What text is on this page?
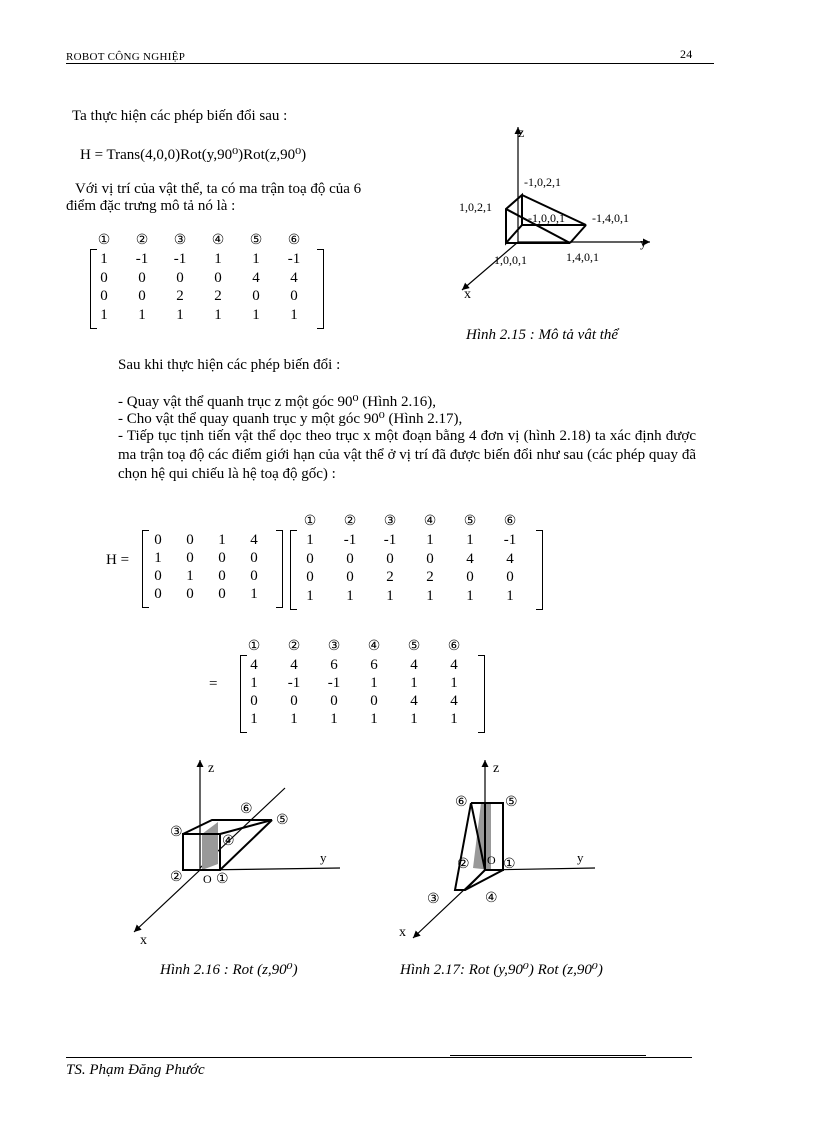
ROBOT CÔNG NGHIỆP	24
Ta thực hiện các phép biến đổi sau :
H = Trans(4,0,0)Rot(y,90⁰)Rot(z,90⁰)
Với vị trí của vật thể, ta có ma trận toạ độ của 6
điểm đặc trưng mô tả nó là :
① ② ③ ④ ⑤ ⑥
1	-1 -1	1	1	-1
0	0	0	0	4	4
0	0	2	2	0	0
1	1	1	1	1	1
z
y
x
-1,0,2,1
1,0,2,1
-1,0,0,1 -1,4,0,1
1,0,0,1	1,4,0,1
Hình 2.15 : Mô tả vât thể
Sau khi thực hiện các phép biến đổi :
- Quay vật thể quanh trục z một góc 90⁰ (Hình 2.16),
- Cho vật thể quay quanh trục y một góc 90⁰ (Hình 2.17),
- Tiếp tục tịnh tiến vật thể dọc theo trục x một đoạn bằng 4 đơn vị (hình 2.18) ta xác định được ma trận toạ độ các điểm giới hạn của vật thể ở vị trí đã được biến đổi như sau (các phép quay đã chọn hệ qui chiếu là hệ toạ độ gốc) :
H =
0	0	1	4
1	0	0	0
0	1	0	0
0	0	0	1
① ② ③ ④ ⑤ ⑥
1	-1 -1	1	1	-1
0	0	0	0	4	4
0	0	2	2	0	0
1	1	1	1	1	1
=
① ② ③ ④ ⑤ ⑥
4	4	6	6	4	4
1	-1 -1	1	1	1
0	0	0	0	4	4
1	1	1	1	1	1
z
y
x
O ①
②
③
④
⑤
⑥
Hình 2.16 : Rot (z,90⁰)
z
y
x
O ①
②
③	④
⑤
⑥
Hình 2.17: Rot (y,90⁰) Rot (z,90⁰)
TS. Phạm Đăng Phước
